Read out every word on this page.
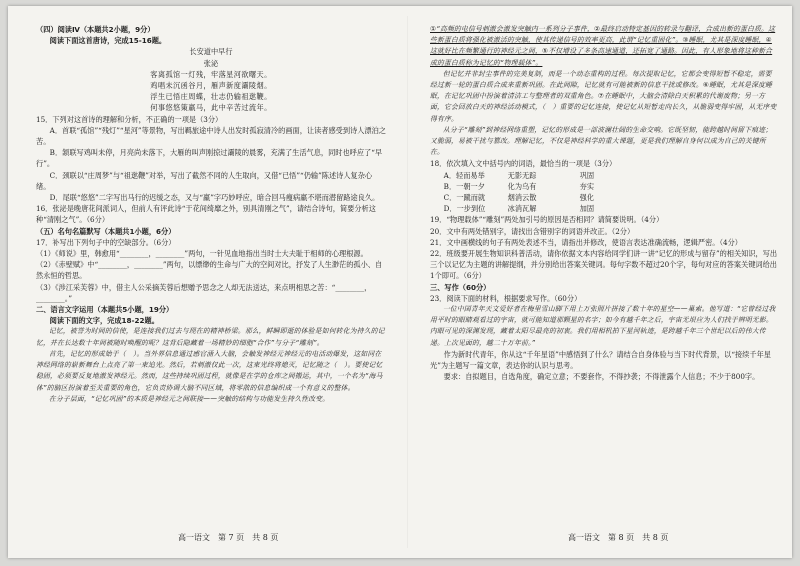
（四）阅读Ⅳ（本题共2小题，9分）

阅读下面这首唐诗，完成15-16题。

长安道中早行

张泌

客离孤馆一灯残，牢落星河欲曙天。

鸡唱未沉函谷月，雁声新度灞陵烟。

浮生已悟庄周蝶，壮志仍输祖逖鞭。

何事悠悠策羸马，此中辛苦过流年。

15．下列对这首诗的理解和分析，不正确的一项是（3分）

A．首联“孤馆”“残灯”“星河”等景物，写出羁旅途中诗人出发时孤寂清冷的画面，让读者感受到诗人漂泊之苦。

B．颔联写鸡叫未停，月亮尚未落下，大雁的叫声刚掠过灞陵的晨雾，充满了生活气息，同时也呼应了“早行”。

C．颈联以“庄周梦”与“祖逖鞭”对举，写出了截然不同的人生取向，又借“已悟”“仍输”陈述诗人复杂心绪。

D．尾联“悠悠”二字写出马行的迟缓之态，又与“羸”字巧妙呼应，暗合回马瘦病羸不堪而潜留路途良久。

16．张泌是晚唐花间派词人，但前人有评此诗“于花间绮靡之外，别具清刚之气”，请结合诗句，简要分析这种“清刚之气”。（6分）

（五）名句名篇默写（本题共1小题，6分）

17．补写出下列句子中的空缺部分。（6分）

（1）《师说》里，韩愈用“________，________”两句，一针见血地指出当时士大夫耻于相师的心理根源。

（2）《赤壁赋》中“________，________”两句，以缥缈的生命与广大的空间对比，抒发了人生渺茫的孤小、自然永恒的哲思。

（3）《涉江采芙蓉》中，借主人公采摘芙蓉后想赠予思念之人却无法送达，来点明相思之苦：“________，________。”

二、语言文字运用（本题共5小题，19分）

阅读下面的文字，完成18-22题。

记忆，被誉为时间的信使，是连接我们过去与现在的精神桥梁。那么，鲜瞬即逝的体验是如何转化为持久的记忆，并在长达数十年间被随时唤醒的呢？这背后隐藏着一场精妙的细胞“合作”与分子“雕刻”。

首先，记忆的形成始于（　）。当外界信息通过感官涌入大脑，会触发神经元神经元的电活动爆发，这如同在神经网络的崭新舞台上点亮了第一束追光。然后，若刺激仅此一次，这束光终将熄灭，记忆随之（　）。要使记忆稳固，必须要反复地激发神经元。然而，这些持续巩固过程，就像是在学的仓库之间搬运，其中，一个名为“海马体”的脑区扮演着至关重要的角色，它负责协调大脑不同区域，将零散的信息编织成一个有意义的整体。

在分子层面，“记忆巩固”的本质是神经元之间联接——突触的结构与功能发生持久性改变。

高一语文　第 7 页　共 8 页

①“高频的电信号刺激会激发突触内一系列分子事件，②最终启动特定基因的转录与翻译，合成出新的蛋白质。这些新蛋白质将强化被激活的突触，使其传递信号的效率更高，此谓“记忆重固化”。③睡眠，尤其是深度睡眠，④这就好比在频繁通行的神经元之间，⑤不仅增设了多条高速通道，还拓宽了通路。因此，有人形象地将这种新合成的蛋白质称为记忆的“物理载体”。

但记忆并非封尘事件的完美复制，而是一个动态重构的过程。每次提取记忆，它都会变得短暂不稳定，需要经过新一轮的蛋白质合成来重新巩固。在此间隙，记忆就有可能被新的信息干扰或修改。⑥睡眠，尤其是深度睡眠，在记忆巩固中扮演着清洁工与整理者的双重角色。⑦在睡眠中，大脑会清除白天积累的代谢废物；另一方面，它会回放白天的神经活动模式，（　）重要的记忆连接，使记忆从短暂走向长久，从脆弱变得牢固，从无序变得有序。

从分子“雕刻”到神经网络重塑，记忆的形成是一部波澜壮阔的生命交响。它既坚韧，能跨越时间留下痕迹；又脆弱，易被干扰与篡改。理解记忆，不仅是神经科学的重大课题，更是我们理解自身何以成为自己的关键所在。

18．依次填入文中括号内的词语，最恰当的一项是（3分）

A．轻而易举	无影无踪	巩固
B．一朝一夕	化为乌有	夯实
C．一蹴而就	烟消云散	强化
D．一步到位	冰消瓦解	加固

19．“物理载体”“雕刻”两处加引号的原因是否相同？请简要说明。（4分）

20．文中有两处错别字，请找出含错别字的词语并改正。（2分）

21．文中画横线的句子有两处表述不当，请指出并修改，使语言表达准确流畅，逻辑严密。（4分）

22．班级要开展生物知识科普活动，请你依据文本内容给同学们讲一讲“记忆的形成与留存”的相关知识，写出三个以记忆为主题的讲解提纲，并分别给出答案关键词。每句字数不超过20个字，每句对应的答案关键词给出1个即可。（6分）

三、写作（60分）

23．阅读下面的材料，根据要求写作。（60分）

一位中国青年天文爱好者在梅里雪山脚下用上万张照片拼接了数十年的星空——巢索。他写道：“它曾经过我用平时的眼睛观看过的宇宙，就可能知道那颗星的名字；如今有越千年之后，宇宙无垠应为人们找于辨明无影。内眼可见的深渊发现，藏着太阳尽最亮的初衷。我们用相机拍下星河轨迹，是跨越千年三个世纪以后的伟大传递。上次见面的，越二十万年前。”

作为新时代青年，你从这“千年星语”中感悟到了什么？请结合自身体验与当下时代背景，以“接续千年星光”为主题写一篇文章，表达你的认识与思考。

要求：自拟题目，自选角度，确定立意；不要套作，不得抄袭；不得泄露个人信息；不少于800字。

高一语文　第 8 页　共 8 页
